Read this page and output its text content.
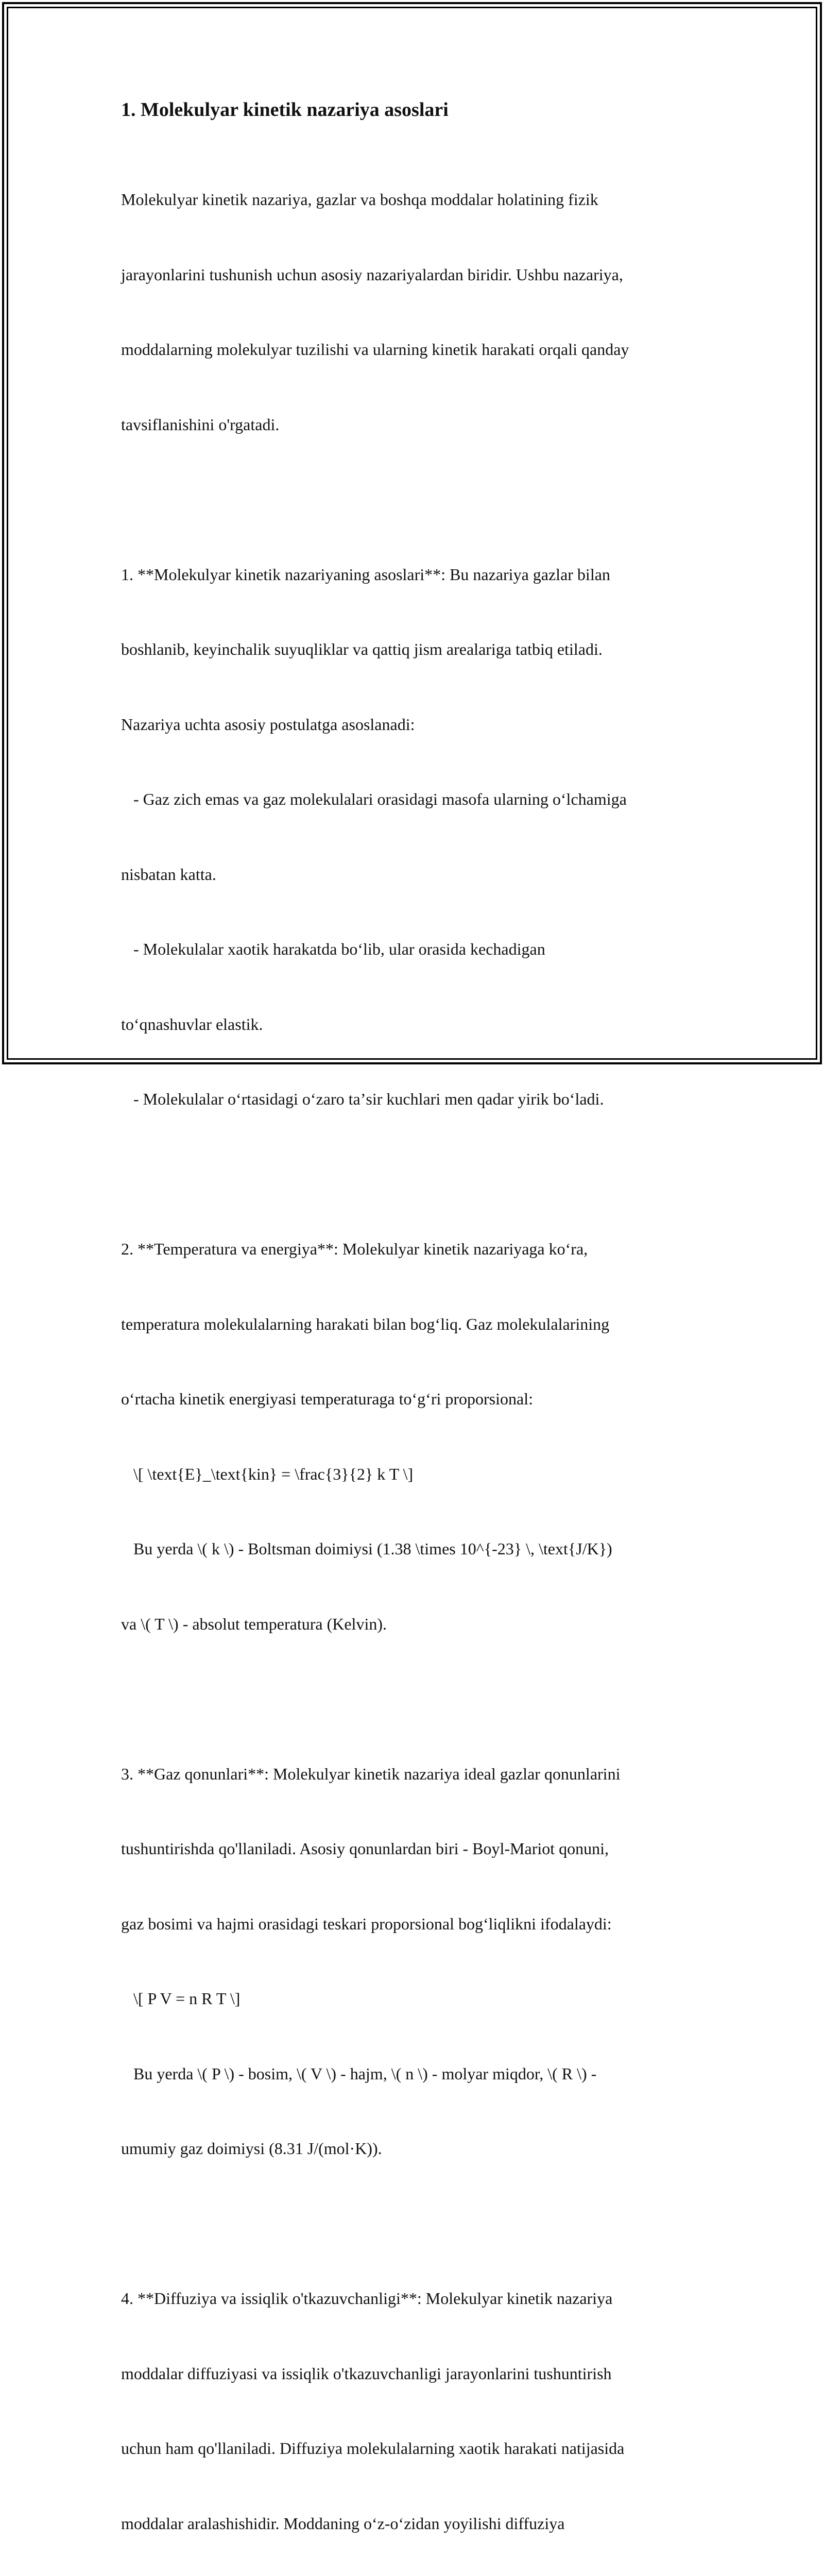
1. Molekulyar kinetik nazariya asoslari

Molekulyar kinetik nazariya, gazlar va boshqa moddalar holatining fizik

jarayonlarini tushunish uchun asosiy nazariyalardan biridir. Ushbu nazariya,

moddalarning molekulyar tuzilishi va ularning kinetik harakati orqali qanday

tavsiflanishini o'rgatadi.

1. **Molekulyar kinetik nazariyaning asoslari**: Bu nazariya gazlar bilan

boshlanib, keyinchalik suyuqliklar va qattiq jism arealariga tatbiq etiladi.

Nazariya uchta asosiy postulatga asoslanadi:

- Gaz zich emas va gaz molekulalari orasidagi masofa ularning oʻlchamiga

nisbatan katta.

- Molekulalar xaotik harakatda boʻlib, ular orasida kechadigan

toʻqnashuvlar elastik.

- Molekulalar oʻrtasidagi oʻzaro taʼsir kuchlari men qadar yirik boʻladi.

2. **Temperatura va energiya**: Molekulyar kinetik nazariyaga koʻra,

temperatura molekulalarning harakati bilan bogʻliq. Gaz molekulalarining

oʻrtacha kinetik energiyasi temperaturaga toʻgʻri proporsional:

\[ \text{E}_\text{kin} = \frac{3}{2} k T \]

Bu yerda \( k \) - Boltsman doimiysi (1.38 \times 10^{-23} \, \text{J/K})

va \( T \) - absolut temperatura (Kelvin).

3. **Gaz qonunlari**: Molekulyar kinetik nazariya ideal gazlar qonunlarini

tushuntirishda qo'llaniladi. Asosiy qonunlardan biri - Boyl-Mariot qonuni,

gaz bosimi va hajmi orasidagi teskari proporsional bogʻliqlikni ifodalaydi:

\[ P V = n R T \]

Bu yerda \( P \) - bosim, \( V \) - hajm, \( n \) - molyar miqdor, \( R \) -

umumiy gaz doimiysi (8.31 J/(mol·K)).

4. **Diffuziya va issiqlik o'tkazuvchanligi**: Molekulyar kinetik nazariya

moddalar diffuziyasi va issiqlik o'tkazuvchanligi jarayonlarini tushuntirish

uchun ham qo'llaniladi. Diffuziya molekulalarning xaotik harakati natijasida

moddalar aralashishidir. Moddaning oʻz-oʻzidan yoyilishi diffuziya
